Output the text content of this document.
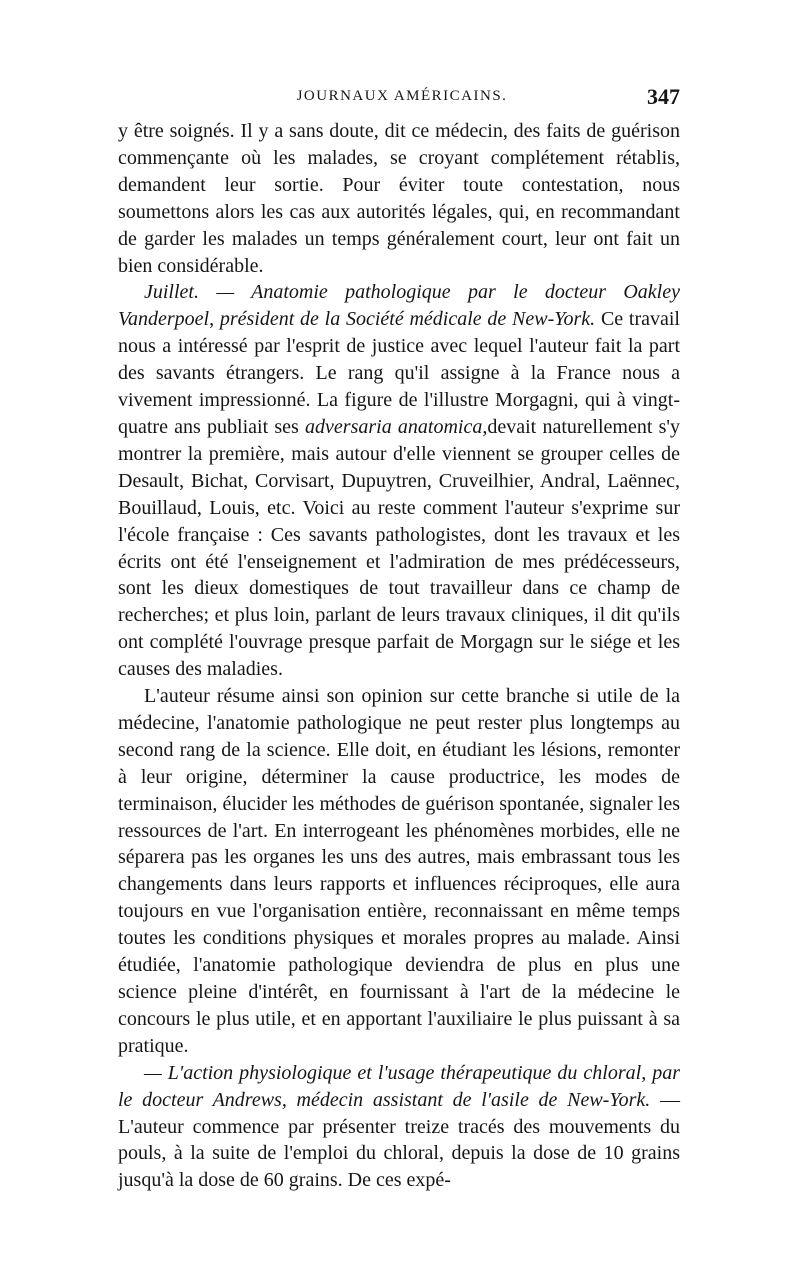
JOURNAUX AMÉRICAINS.	347

y être soignés. Il y a sans doute, dit ce médecin, des faits de guérison commençante où les malades, se croyant complétement rétablis, demandent leur sortie. Pour éviter toute contestation, nous soumettons alors les cas aux autorités légales, qui, en recommandant de garder les malades un temps généralement court, leur ont fait un bien considérable.

Juillet. — Anatomie pathologique par le docteur Oakley Vanderpoel, président de la Société médicale de New-York. Ce travail nous a intéressé par l'esprit de justice avec lequel l'auteur fait la part des savants étrangers. Le rang qu'il assigne à la France nous a vivement impressionné. La figure de l'illustre Morgagni, qui à vingt-quatre ans publiait ses adversaria anatomica,devait naturellement s'y montrer la première, mais autour d'elle viennent se grouper celles de Desault, Bichat, Corvisart, Dupuytren, Cruveilhier, Andral, Laënnec, Bouillaud, Louis, etc. Voici au reste comment l'auteur s'exprime sur l'école française : Ces savants pathologistes, dont les travaux et les écrits ont été l'enseignement et l'admiration de mes prédécesseurs, sont les dieux domestiques de tout travailleur dans ce champ de recherches; et plus loin, parlant de leurs travaux cliniques, il dit qu'ils ont complété l'ouvrage presque parfait de Morgagn sur le siége et les causes des maladies.

L'auteur résume ainsi son opinion sur cette branche si utile de la médecine, l'anatomie pathologique ne peut rester plus longtemps au second rang de la science. Elle doit, en étudiant les lésions, remonter à leur origine, déterminer la cause productrice, les modes de terminaison, élucider les méthodes de guérison spontanée, signaler les ressources de l'art. En interrogeant les phénomènes morbides, elle ne séparera pas les organes les uns des autres, mais embrassant tous les changements dans leurs rapports et influences réciproques, elle aura toujours en vue l'organisation entière, reconnaissant en même temps toutes les conditions physiques et morales propres au malade. Ainsi étudiée, l'anatomie pathologique deviendra de plus en plus une science pleine d'intérêt, en fournissant à l'art de la médecine le concours le plus utile, et en apportant l'auxiliaire le plus puissant à sa pratique.

— L'action physiologique et l'usage thérapeutique du chloral, par le docteur Andrews, médecin assistant de l'asile de New-York. — L'auteur commence par présenter treize tracés des mouvements du pouls, à la suite de l'emploi du chloral, depuis la dose de 10 grains jusqu'à la dose de 60 grains. De ces expé-
